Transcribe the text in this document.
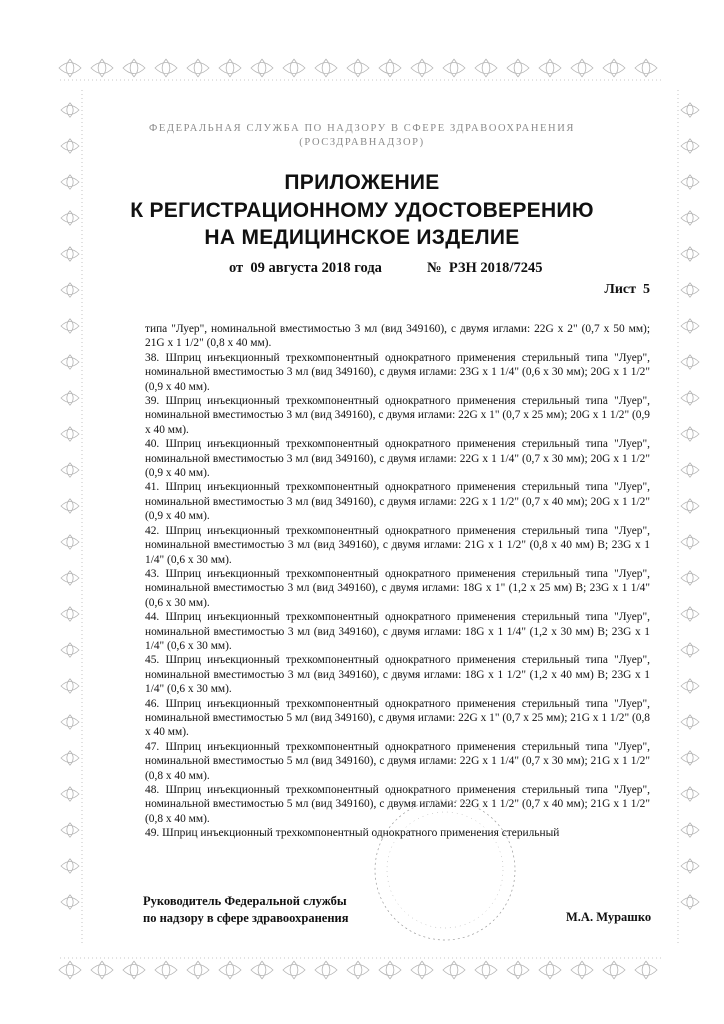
ФЕДЕРАЛЬНАЯ СЛУЖБА ПО НАДЗОРУ В СФЕРЕ ЗДРАВООХРАНЕНИЯ
(РОСЗДРАВНАДЗОР)
ПРИЛОЖЕНИЕ
К РЕГИСТРАЦИОННОМУ УДОСТОВЕРЕНИЮ
НА МЕДИЦИНСКОЕ ИЗДЕЛИЕ
от  09 августа 2018 года	№  РЗН 2018/7245
Лист  5

типа "Луер", номинальной вместимостью 3 мл (вид 349160), с двумя иглами: 22G x 2" (0,7 x 50 мм); 21G x 1 1/2" (0,8 x 40 мм).

38. Шприц инъекционный трехкомпонентный однократного применения стерильный типа "Луер", номинальной вместимостью 3 мл (вид 349160), с двумя иглами: 23G x 1 1/4" (0,6 x 30 мм); 20G x 1 1/2" (0,9 x 40 мм).

39. Шприц инъекционный трехкомпонентный однократного применения стерильный типа "Луер", номинальной вместимостью 3 мл (вид 349160), с двумя иглами: 22G x 1" (0,7 x 25 мм); 20G x 1 1/2" (0,9 x 40 мм).

40. Шприц инъекционный трехкомпонентный однократного применения стерильный типа "Луер", номинальной вместимостью 3 мл (вид 349160), с двумя иглами: 22G x 1 1/4" (0,7 x 30 мм); 20G x 1 1/2" (0,9 x 40 мм).

41. Шприц инъекционный трехкомпонентный однократного применения стерильный типа "Луер", номинальной вместимостью 3 мл (вид 349160), с двумя иглами: 22G x 1 1/2" (0,7 x 40 мм); 20G x 1 1/2" (0,9 x 40 мм).

42. Шприц инъекционный трехкомпонентный однократного применения стерильный типа "Луер", номинальной вместимостью 3 мл (вид 349160), с двумя иглами: 21G x 1 1/2" (0,8 x 40 мм) В; 23G x 1 1/4" (0,6 x 30 мм).

43. Шприц инъекционный трехкомпонентный однократного применения стерильный типа "Луер", номинальной вместимостью 3 мл (вид 349160), с двумя иглами: 18G x 1" (1,2 x 25 мм) В; 23G x 1 1/4" (0,6 x 30 мм).

44. Шприц инъекционный трехкомпонентный однократного применения стерильный типа "Луер", номинальной вместимостью 3 мл (вид 349160), с двумя иглами: 18G x 1 1/4" (1,2 x 30 мм) В; 23G x 1 1/4" (0,6 x 30 мм).

45. Шприц инъекционный трехкомпонентный однократного применения стерильный типа "Луер", номинальной вместимостью 3 мл (вид 349160), с двумя иглами: 18G x 1 1/2" (1,2 x 40 мм) В; 23G x 1 1/4" (0,6 x 30 мм).

46. Шприц инъекционный трехкомпонентный однократного применения стерильный типа "Луер", номинальной вместимостью 5 мл (вид 349160), с двумя иглами: 22G x 1" (0,7 x 25 мм); 21G x 1 1/2" (0,8 x 40 мм).

47. Шприц инъекционный трехкомпонентный однократного применения стерильный типа "Луер", номинальной вместимостью 5 мл (вид 349160), с двумя иглами: 22G x 1 1/4" (0,7 x 30 мм); 21G x 1 1/2" (0,8 x 40 мм).

48. Шприц инъекционный трехкомпонентный однократного применения стерильный типа "Луер", номинальной вместимостью 5 мл (вид 349160), с двумя иглами: 22G x 1 1/2" (0,7 x 40 мм); 21G x 1 1/2" (0,8 x 40 мм).

49. Шприц инъекционный трехкомпонентный однократного применения стерильный

Руководитель Федеральной службы
по надзору в сфере здравоохранения	М.А. Мурашко
